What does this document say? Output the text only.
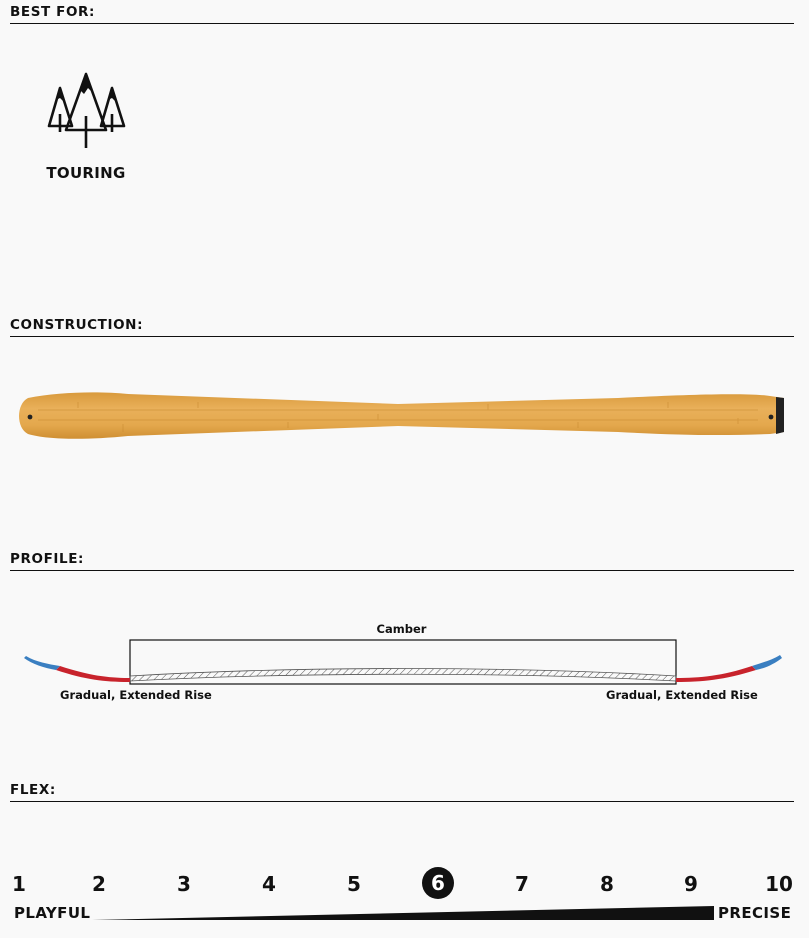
BEST FOR:
TOURING
CONSTRUCTION:
PROFILE:
Camber
Gradual, Extended Rise	Gradual, Extended Rise
FLEX:
1	2	3	4	5	6	7	8	9	10
PLAYFUL	PRECISE
